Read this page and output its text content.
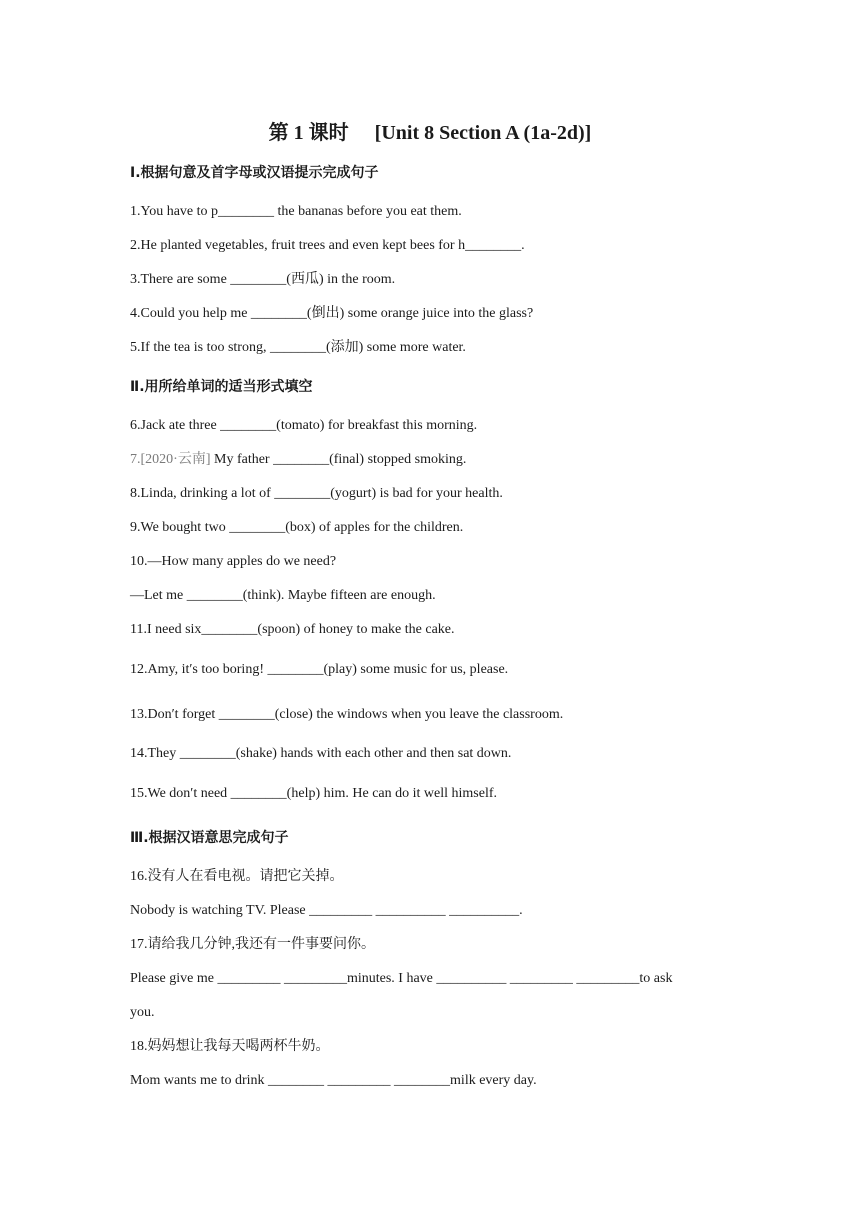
第 1 课时 [Unit 8 Section A (1a-2d)]
Ⅰ.根据句意及首字母或汉语提示完成句子
1.You have to p________ the bananas before you eat them.
2.He planted vegetables, fruit trees and even kept bees for h________.
3.There are some ________(西瓜) in the room.
4.Could you help me ________(倒出) some orange juice into the glass?
5.If the tea is too strong, ________(添加) some more water.
Ⅱ.用所给单词的适当形式填空
6.Jack ate three ________(tomato) for breakfast this morning.
7.[2020·云南] My father ________(final) stopped smoking.
8.Linda, drinking a lot of ________(yogurt) is bad for your health.
9.We bought two ________(box) of apples for the children.
10.—How many apples do we need?
—Let me ________(think). Maybe fifteen are enough.
11.I need six________(spoon) of honey to make the cake.
12.Amy, it′s too boring! ________(play) some music for us, please.
13.Don′t forget ________(close) the windows when you leave the classroom.
14.They ________(shake) hands with each other and then sat down.
15.We don′t need ________(help) him. He can do it well himself.
Ⅲ.根据汉语意思完成句子
16.没有人在看电视。请把它关掉。
Nobody is watching TV. Please _________ __________ __________.
17.请给我几分钟,我还有一件事要问你。
Please give me _________ _________minutes. I have __________ _________ _________to ask
you.
18.妈妈想让我每天喝两杯牛奶。
Mom wants me to drink ________ _________ ________milk every day.
